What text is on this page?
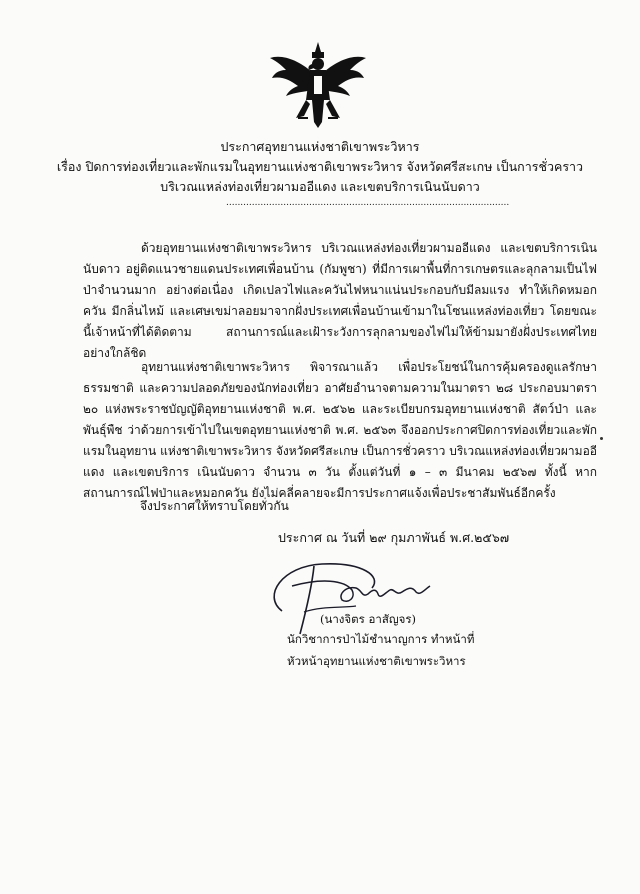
ประกาศอุทยานแห่งชาติเขาพระวิหาร
เรื่อง ปิดการท่องเที่ยวและพักแรมในอุทยานแห่งชาติเขาพระวิหาร จังหวัดศรีสะเกษ เป็นการชั่วคราว
บริเวณแหล่งท่องเที่ยวผามออีแดง และเขตบริการเนินนับดาว
...................................................................................................
ด้วยอุทยานแห่งชาติเขาพระวิหาร บริเวณแหล่งท่องเที่ยวผามออีแดง และเขตบริการเนินนับดาว อยู่ติดแนวชายแดนประเทศเพื่อนบ้าน (กัมพูชา) ที่มีการเผาพื้นที่การเกษตรและลุกลามเป็นไฟป่าจำนวนมาก อย่างต่อเนื่อง เกิดเปลวไฟและควันไฟหนาแน่นประกอบกับมีลมแรง ทำให้เกิดหมอกควัน มีกลิ่นไหม้ และเศษเขม่าลอยมาจากฝั่งประเทศเพื่อนบ้านเข้ามาในโซนแหล่งท่องเที่ยว โดยขณะนี้เจ้าหน้าที่ได้ติดตาม สถานการณ์และเฝ้าระวังการลุกลามของไฟไม่ให้ข้ามมายังฝั่งประเทศไทย อย่างใกล้ชิด
อุทยานแห่งชาติเขาพระวิหาร พิจารณาแล้ว เพื่อประโยชน์ในการคุ้มครองดูแลรักษาธรรมชาติ และความปลอดภัยของนักท่องเที่ยว อาศัยอำนาจตามความในมาตรา ๒๘ ประกอบมาตรา ๒๐ แห่งพระราชบัญญัติอุทยานแห่งชาติ พ.ศ. ๒๕๖๒ และระเบียบกรมอุทยานแห่งชาติ สัตว์ป่า และพันธุ์พืช ว่าด้วยการเข้าไปในเขตอุทยานแห่งชาติ พ.ศ. ๒๕๖๓ จึงออกประกาศปิดการท่องเที่ยวและพักแรมในอุทยาน แห่งชาติเขาพระวิหาร จังหวัดศรีสะเกษ เป็นการชั่วคราว บริเวณแหล่งท่องเที่ยวผามออีแดง และเขตบริการ เนินนับดาว จำนวน ๓ วัน ตั้งแต่วันที่ ๑ – ๓ มีนาคม ๒๕๖๗ ทั้งนี้ หากสถานการณ์ไฟป่าและหมอกควัน ยังไม่คลี่คลายจะมีการประกาศแจ้งเพื่อประชาสัมพันธ์อีกครั้ง
จึงประกาศให้ทราบโดยทั่วกัน
ประกาศ ณ วันที่ ๒๙ กุมภาพันธ์ พ.ศ.๒๕๖๗
(นางจิตร อาสัญจร)
นักวิชาการป่าไม้ชำนาญการ ทำหน้าที่
หัวหน้าอุทยานแห่งชาติเขาพระวิหาร
